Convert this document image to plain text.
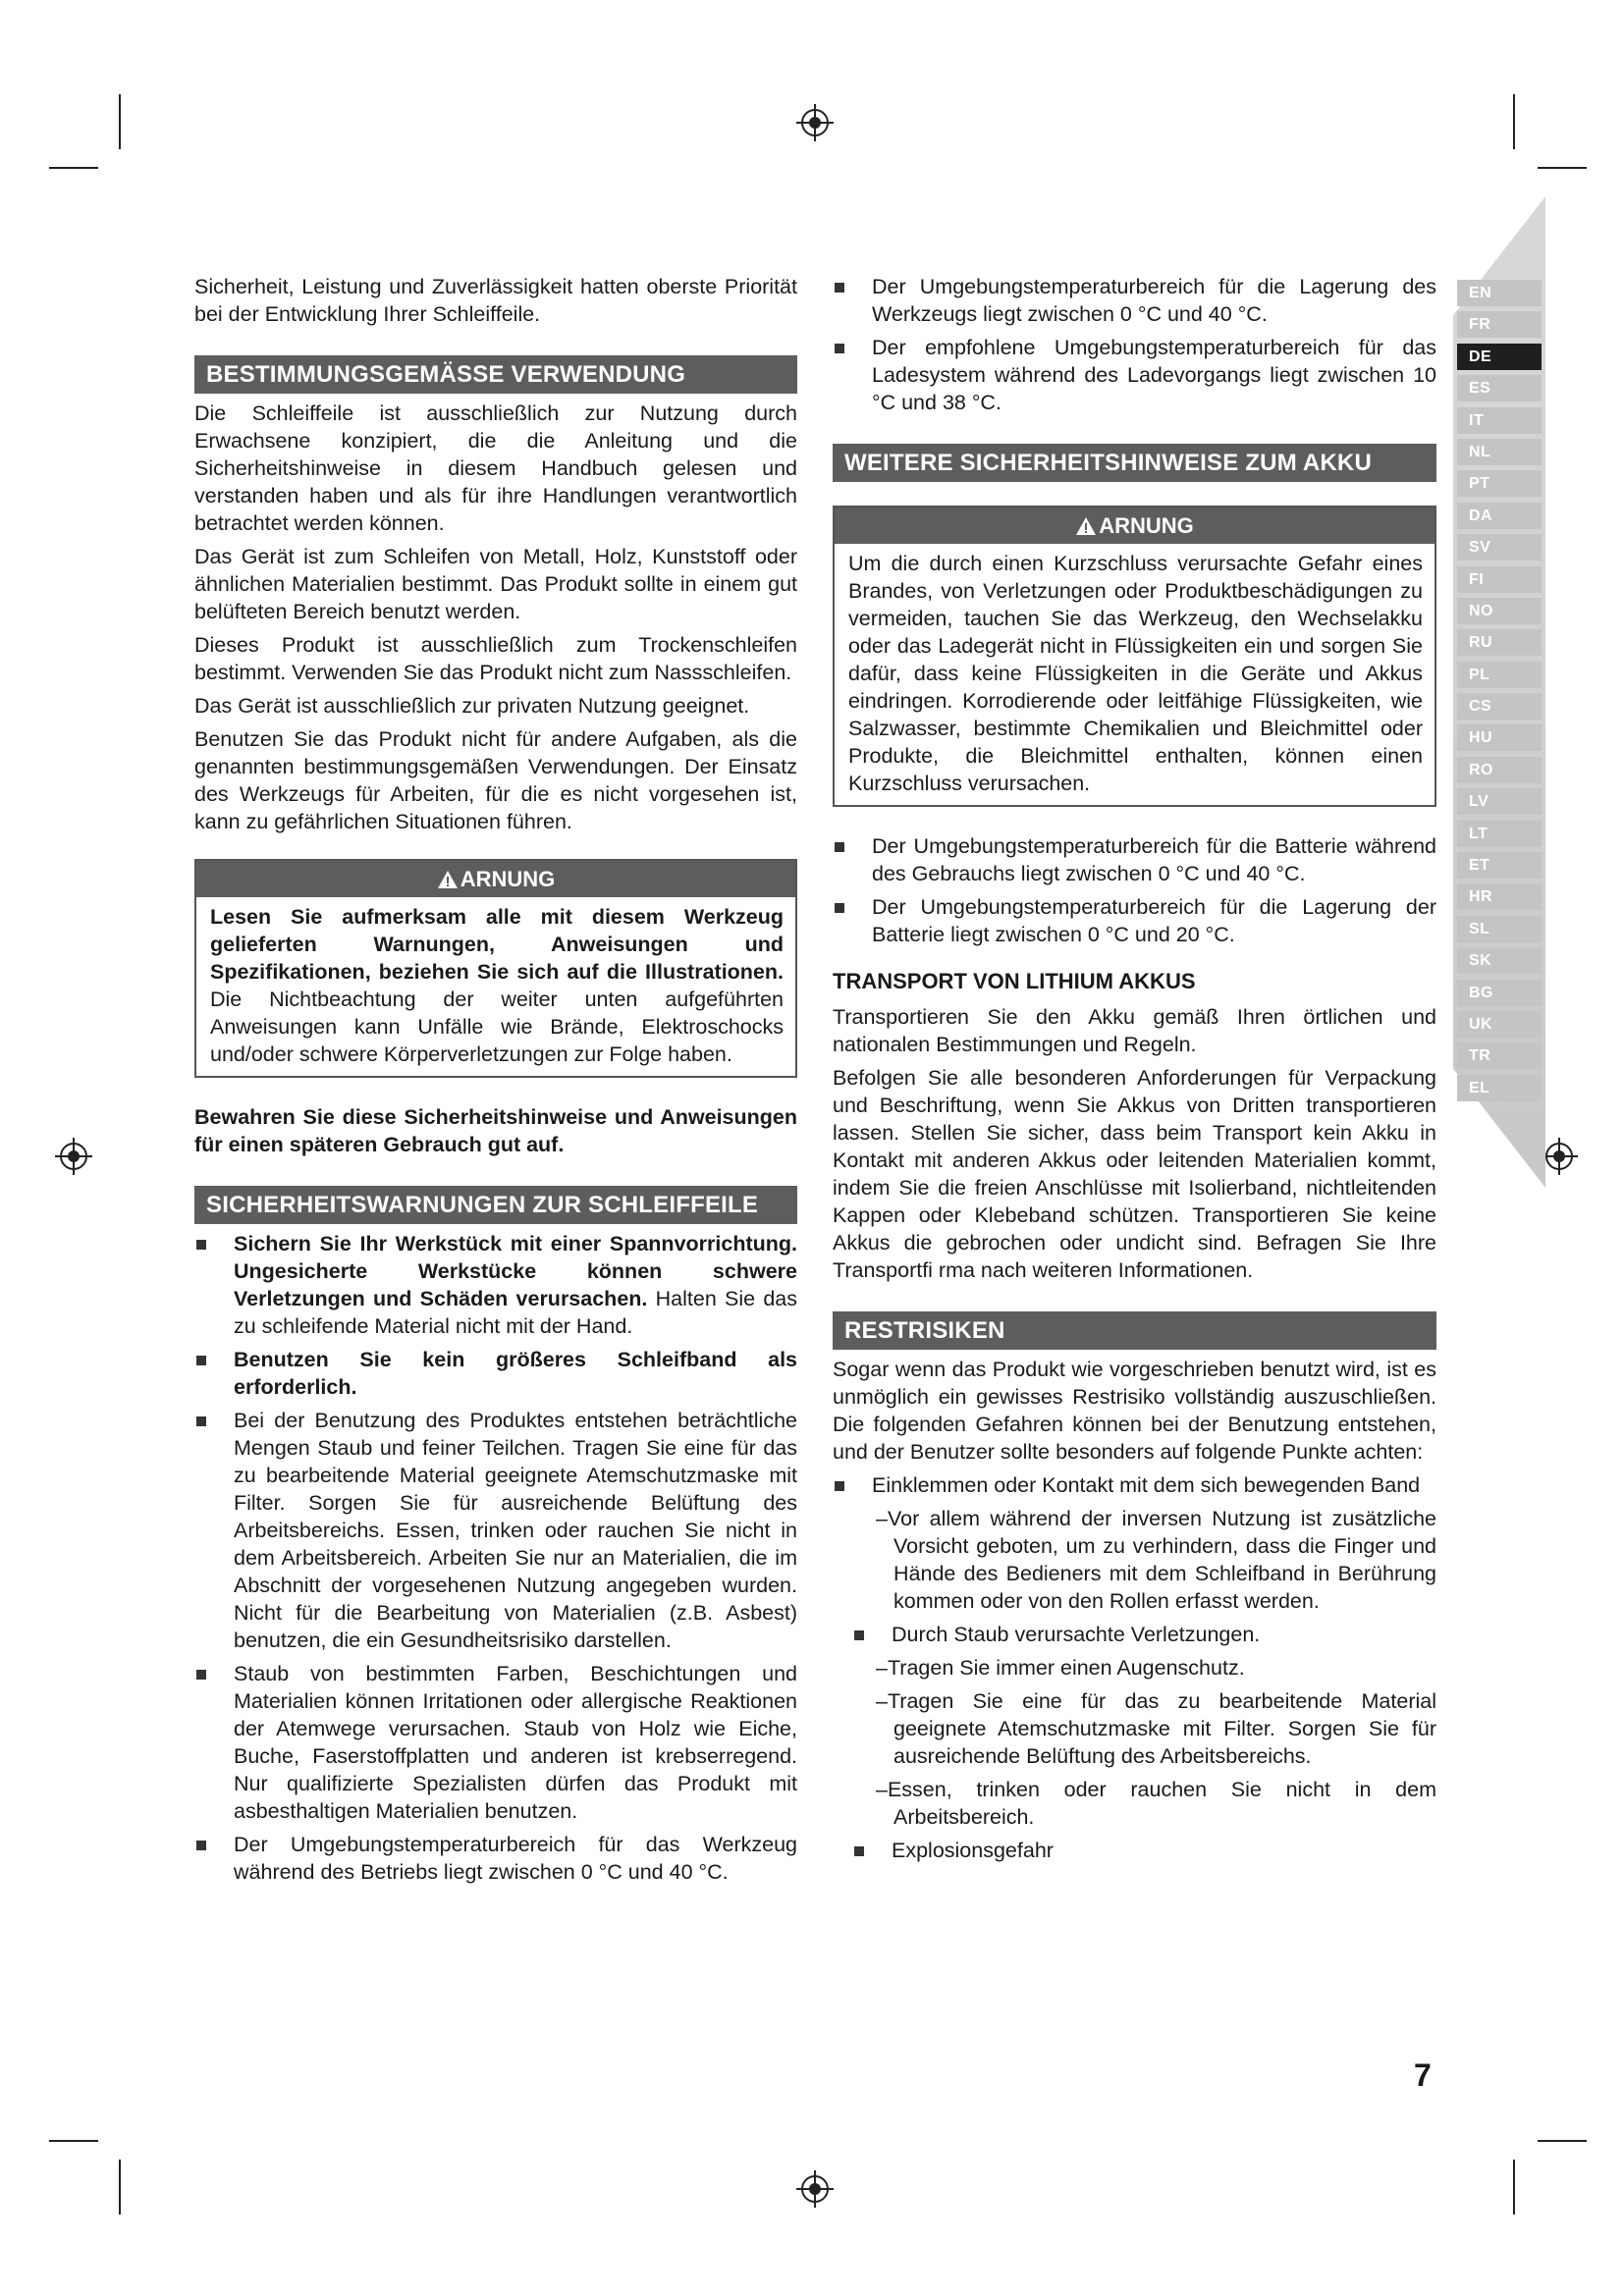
Sicherheit, Leistung und Zuverlässigkeit hatten oberste Priorität bei der Entwicklung Ihrer Schleiffeile.

BESTIMMUNGSGEMÄSSE VERWENDUNG

Die Schleiffeile ist ausschließlich zur Nutzung durch Erwachsene konzipiert, die die Anleitung und die Sicherheitshinweise in diesem Handbuch gelesen und verstanden haben und als für ihre Handlungen verantwortlich betrachtet werden können.

Das Gerät ist zum Schleifen von Metall, Holz, Kunststoff oder ähnlichen Materialien bestimmt. Das Produkt sollte in einem gut belüfteten Bereich benutzt werden.

Dieses Produkt ist ausschließlich zum Trockenschleifen bestimmt. Verwenden Sie das Produkt nicht zum Nassschleifen.

Das Gerät ist ausschließlich zur privaten Nutzung geeignet.

Benutzen Sie das Produkt nicht für andere Aufgaben, als die genannten bestimmungsgemäßen Verwendungen. Der Einsatz des Werkzeugs für Arbeiten, für die es nicht vorgesehen ist, kann zu gefährlichen Situationen führen.

ARNUNG
Lesen Sie aufmerksam alle mit diesem Werkzeug gelieferten Warnungen, Anweisungen und Spezifikationen, beziehen Sie sich auf die Illustrationen. Die Nichtbeachtung der weiter unten aufgeführten Anweisungen kann Unfälle wie Brände, Elektroschocks und/oder schwere Körperverletzungen zur Folge haben.

Bewahren Sie diese Sicherheitshinweise und Anweisungen für einen späteren Gebrauch gut auf.

SICHERHEITSWARNUNGEN ZUR SCHLEIFFEILE
Sichern Sie Ihr Werkstück mit einer Spannvorrichtung. Ungesicherte Werkstücke können schwere Verletzungen und Schäden verursachen. Halten Sie das zu schleifende Material nicht mit der Hand.
Benutzen Sie kein größeres Schleifband als erforderlich.
Bei der Benutzung des Produktes entstehen beträchtliche Mengen Staub und feiner Teilchen. Tragen Sie eine für das zu bearbeitende Material geeignete Atemschutzmaske mit Filter. Sorgen Sie für ausreichende Belüftung des Arbeitsbereichs. Essen, trinken oder rauchen Sie nicht in dem Arbeitsbereich. Arbeiten Sie nur an Materialien, die im Abschnitt der vorgesehenen Nutzung angegeben wurden. Nicht für die Bearbeitung von Materialien (z.B. Asbest) benutzen, die ein Gesundheitsrisiko darstellen.
Staub von bestimmten Farben, Beschichtungen und Materialien können Irritationen oder allergische Reaktionen der Atemwege verursachen. Staub von Holz wie Eiche, Buche, Faserstoffplatten und anderen ist krebserregend. Nur qualifizierte Spezialisten dürfen das Produkt mit asbesthaltigen Materialien benutzen.
Der Umgebungstemperaturbereich für das Werkzeug während des Betriebs liegt zwischen 0 °C und 40 °C.
Der Umgebungstemperaturbereich für die Lagerung des Werkzeugs liegt zwischen 0 °C und 40 °C.
Der empfohlene Umgebungstemperaturbereich für das Ladesystem während des Ladevorgangs liegt zwischen 10 °C und 38 °C.
WEITERE SICHERHEITSHINWEISE ZUM AKKU
ARNUNG
Um die durch einen Kurzschluss verursachte Gefahr eines Brandes, von Verletzungen oder Produktbeschädigungen zu vermeiden, tauchen Sie das Werkzeug, den Wechselakku oder das Ladegerät nicht in Flüssigkeiten ein und sorgen Sie dafür, dass keine Flüssigkeiten in die Geräte und Akkus eindringen. Korrodierende oder leitfähige Flüssigkeiten, wie Salzwasser, bestimmte Chemikalien und Bleichmittel oder Produkte, die Bleichmittel enthalten, können einen Kurzschluss verursachen.
Der Umgebungstemperaturbereich für die Batterie während des Gebrauchs liegt zwischen 0 °C und 40 °C.
Der Umgebungstemperaturbereich für die Lagerung der Batterie liegt zwischen 0 °C und 20 °C.
TRANSPORT VON LITHIUM AKKUS

Transportieren Sie den Akku gemäß Ihren örtlichen und nationalen Bestimmungen und Regeln.

Befolgen Sie alle besonderen Anforderungen für Verpackung und Beschriftung, wenn Sie Akkus von Dritten transportieren lassen. Stellen Sie sicher, dass beim Transport kein Akku in Kontakt mit anderen Akkus oder leitenden Materialien kommt, indem Sie die freien Anschlüsse mit Isolierband, nichtleitenden Kappen oder Klebeband schützen. Transportieren Sie keine Akkus die gebrochen oder undicht sind. Befragen Sie Ihre Transportfi rma nach weiteren Informationen.

RESTRISIKEN

Sogar wenn das Produkt wie vorgeschrieben benutzt wird, ist es unmöglich ein gewisses Restrisiko vollständig auszuschließen. Die folgenden Gefahren können bei der Benutzung entstehen, und der Benutzer sollte besonders auf folgende Punkte achten:

Einklemmen oder Kontakt mit dem sich bewegenden Band
–Vor allem während der inversen Nutzung ist zusätzliche Vorsicht geboten, um zu verhindern, dass die Finger und Hände des Bedieners mit dem Schleifband in Berührung kommen oder von den Rollen erfasst werden.
Durch Staub verursachte Verletzungen.
–Tragen Sie immer einen Augenschutz.
–Tragen Sie eine für das zu bearbeitende Material geeignete Atemschutzmaske mit Filter. Sorgen Sie für ausreichende Belüftung des Arbeitsbereichs.
–Essen, trinken oder rauchen Sie nicht in dem Arbeitsbereich.
Explosionsgefahr
EN
FR
DE
ES
IT
NL
PT
DA
SV
FI
NO
RU
PL
CS
HU
RO
LV
LT
ET
HR
SL
SK
BG
UK
TR
EL
7
